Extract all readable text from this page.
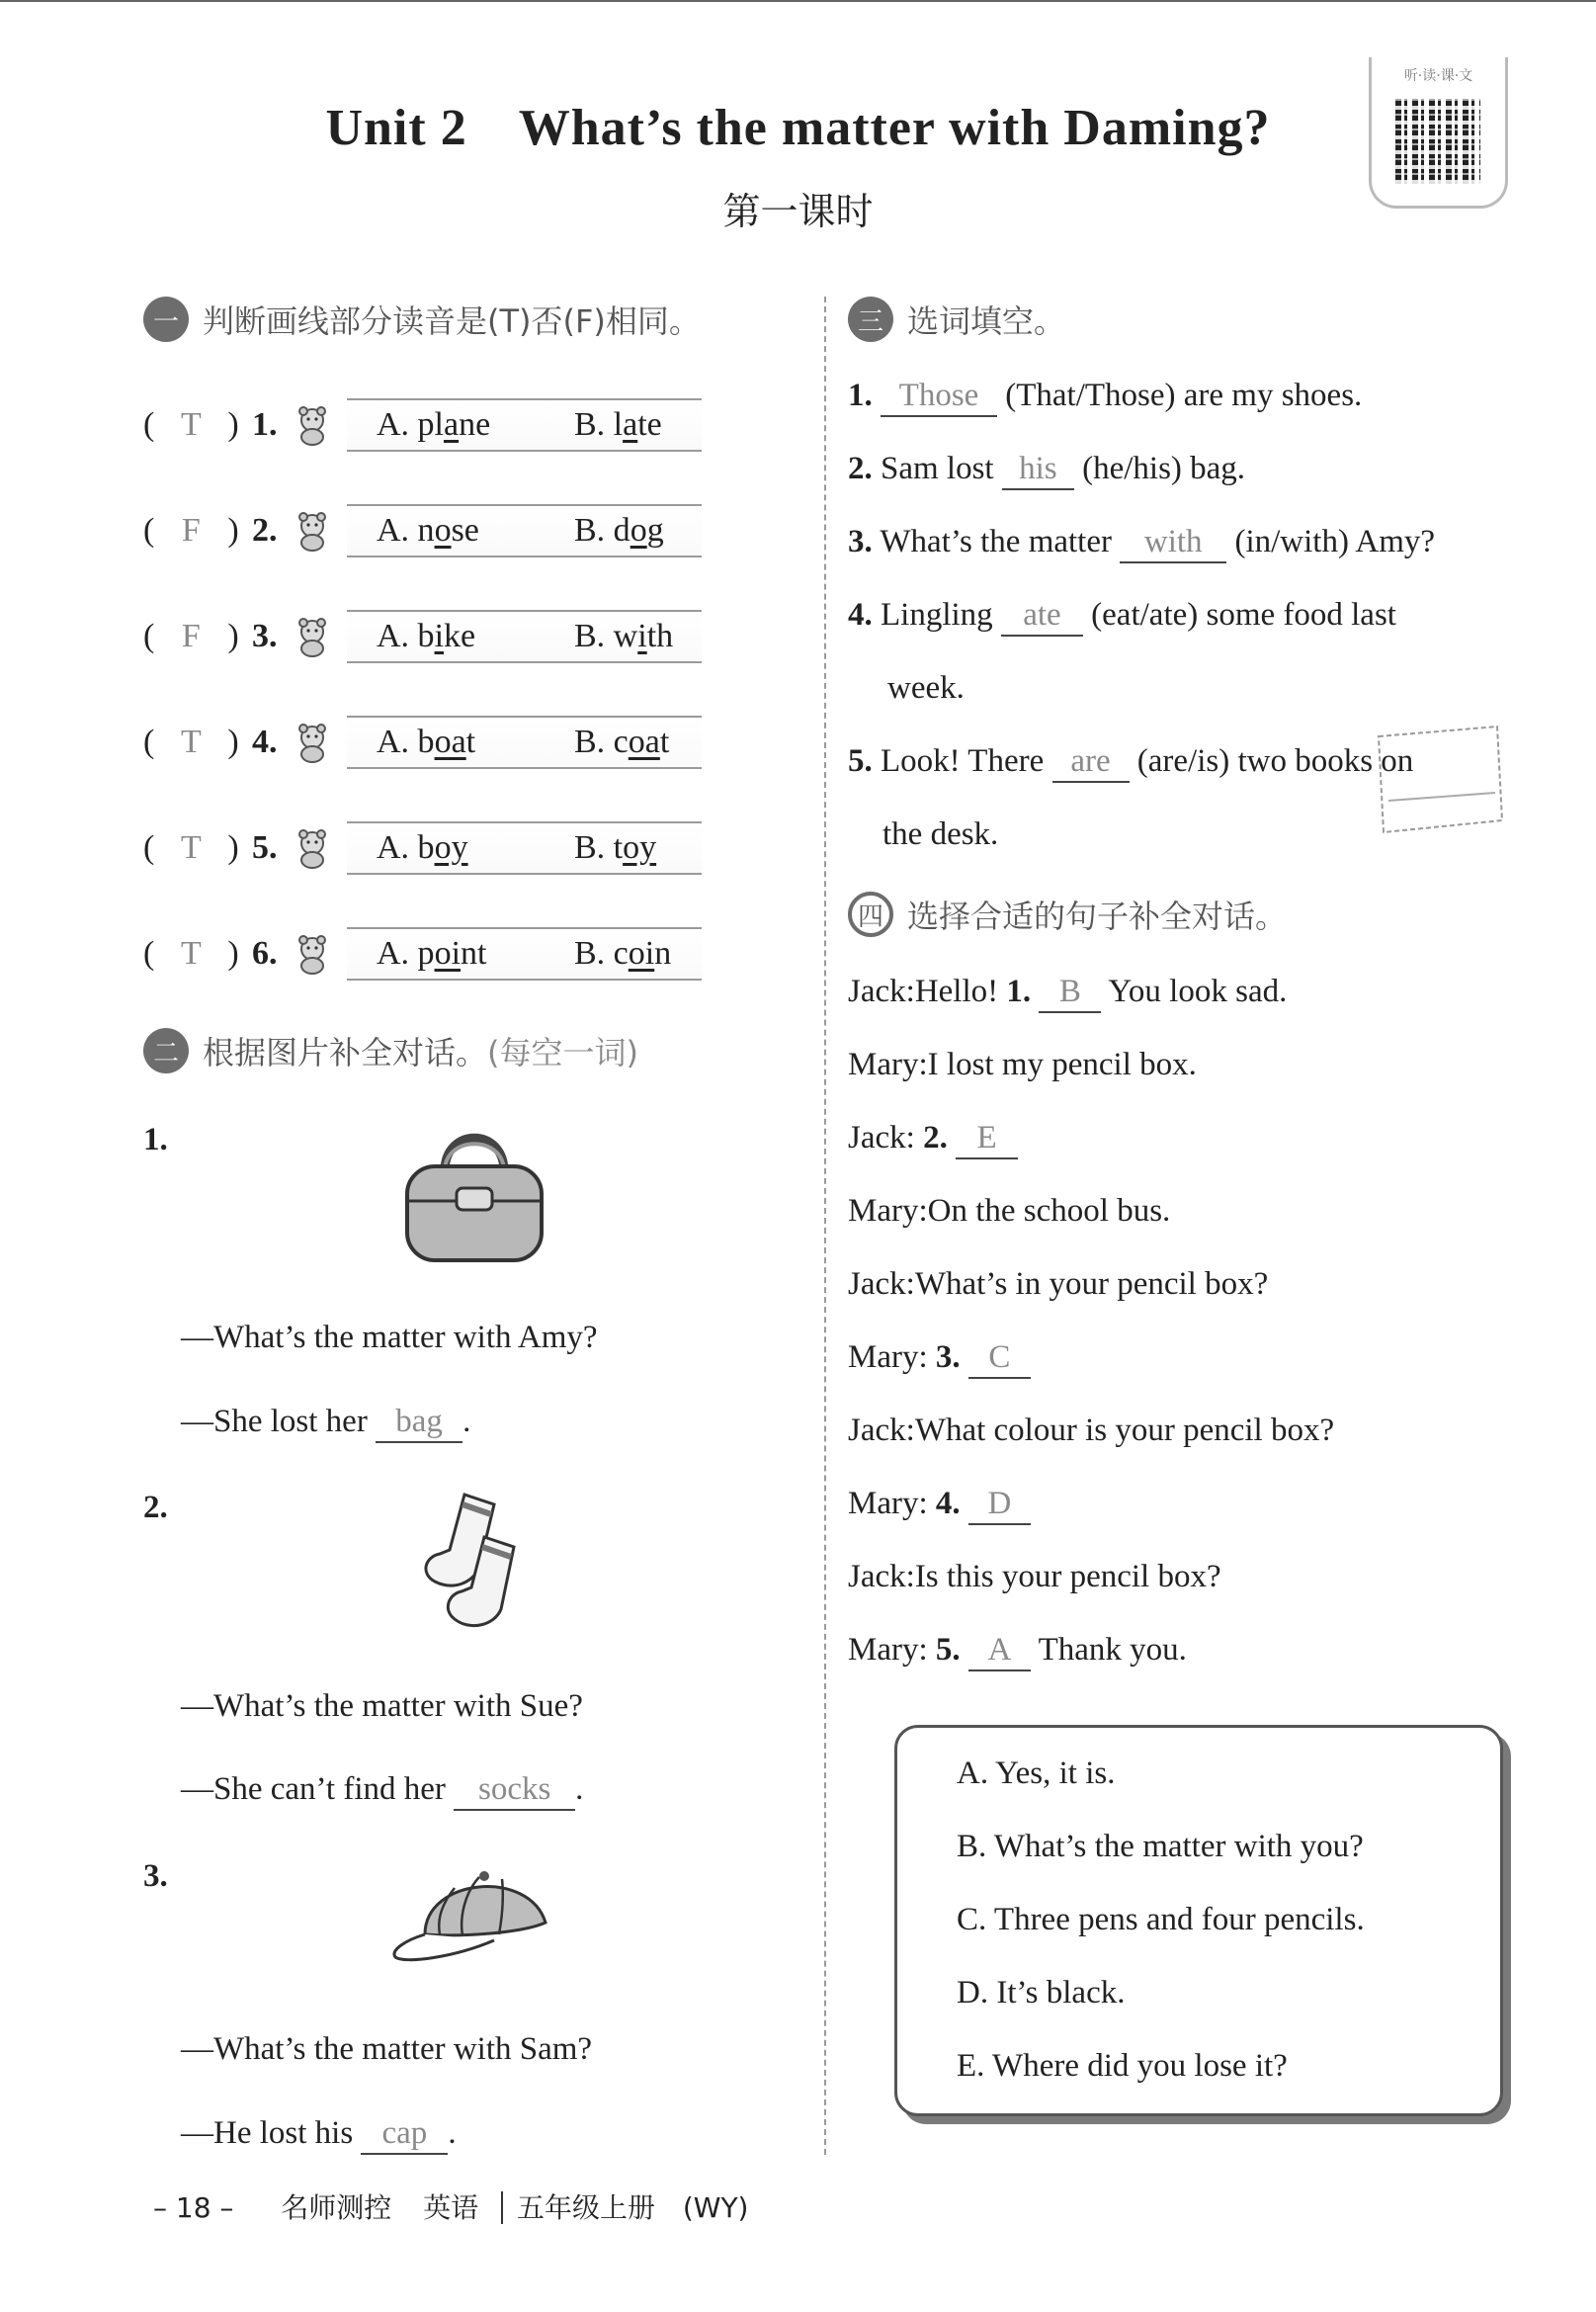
Unit 2 What’s the matter with Daming?
第一课时
听·读·课·文
一 判断画线部分读音是(T)否(F)相同。
(  T  ) 1.	A. plane	B. late
(  F  ) 2.	A. nose	B. dog
(  F  ) 3.	A. bike	B. with
(  T  ) 4.	A. boat	B. coat
(  T  ) 5.	A. boy	B. toy
(  T  ) 6.	A. point	B. coin
二 根据图片补全对话。 (每空一词)
1.
—What’s the matter with Amy?
—She lost her bag .
2.
—What’s the matter with Sue?
—She can’t find her socks .
3.
—What’s the matter with Sam?
—He lost his cap .
三 选词填空。
1. Those (That/Those) are my shoes.
2. Sam lost his (he/his) bag.
3. What’s the matter with (in/with) Amy?
4. Lingling ate (eat/ate) some food last
week.
5. Look! There are (are/is) two books on
the desk.
四 选择合适的句子补全对话。
Jack:Hello! 1. B You look sad.
Mary:I lost my pencil box.
Jack: 2. E
Mary:On the school bus.
Jack:What’s in your pencil box?
Mary: 3. C
Jack:What colour is your pencil box?
Mary: 4. D
Jack:Is this your pencil box?
Mary: 5. A Thank you.
A. Yes, it is.
B. What’s the matter with you?
C. Three pens and four pencils.
D. It’s black.
E. Where did you lose it?
– 18 – 名师测控 英语 五年级上册 (WY)
